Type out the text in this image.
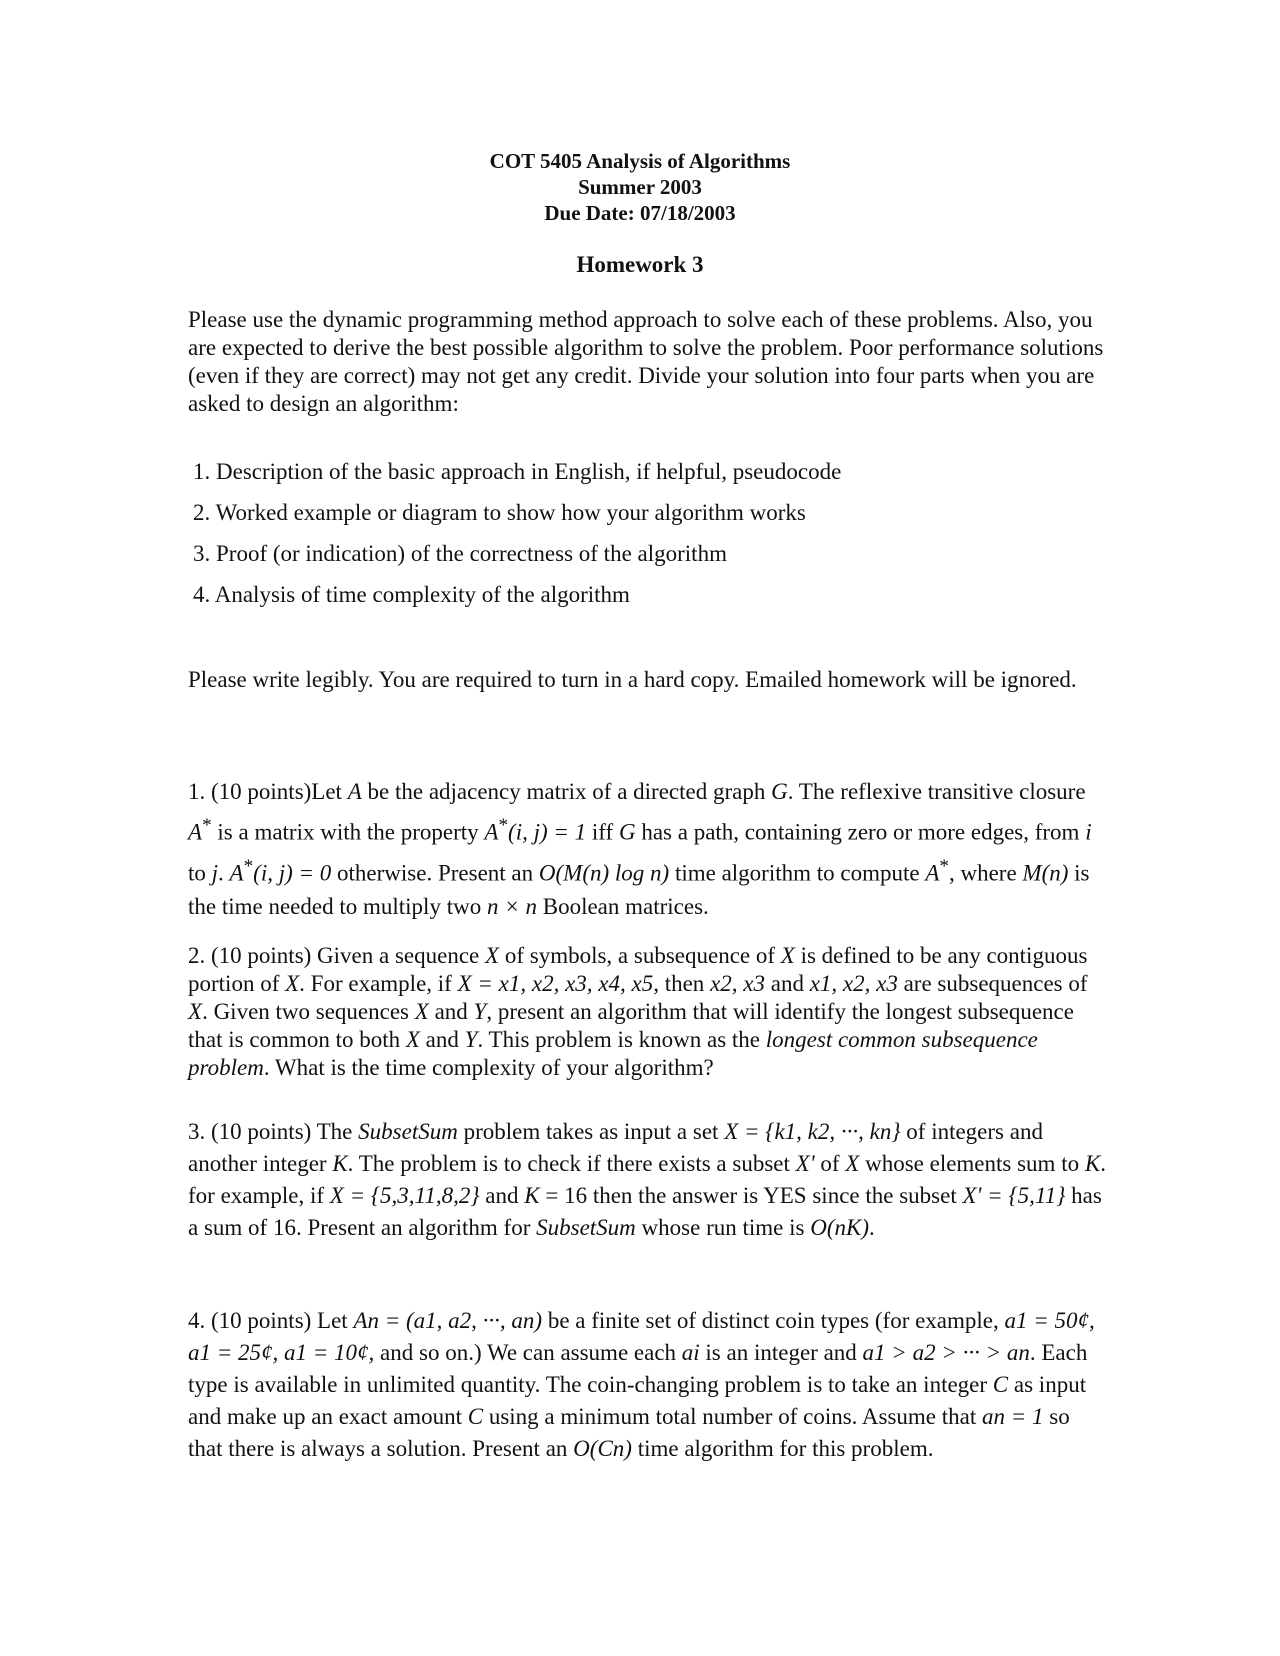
COT 5405 Analysis of Algorithms
Summer 2003
Due Date: 07/18/2003
Homework 3

Please use the dynamic programming method approach to solve each of these problems. Also, you are expected to derive the best possible algorithm to solve the problem. Poor performance solutions (even if they are correct) may not get any credit. Divide your solution into four parts when you are asked to design an algorithm:

1. Description of the basic approach in English, if helpful, pseudocode
2. Worked example or diagram to show how your algorithm works
3. Proof (or indication) of the correctness of the algorithm
4. Analysis of time complexity of the algorithm

Please write legibly. You are required to turn in a hard copy. Emailed homework will be ignored.

1. (10 points)Let A be the adjacency matrix of a directed graph G. The reflexive transitive closure A* is a matrix with the property A*(i, j) = 1 iff G has a path, containing zero or more edges, from i to j. A*(i, j) = 0 otherwise. Present an O(M(n) log n) time algorithm to compute A*, where M(n) is the time needed to multiply two n × n Boolean matrices.

2. (10 points) Given a sequence X of symbols, a subsequence of X is defined to be any contiguous portion of X. For example, if X = x1, x2, x3, x4, x5, then x2, x3 and x1, x2, x3 are subsequences of X. Given two sequences X and Y, present an algorithm that will identify the longest subsequence that is common to both X and Y. This problem is known as the longest common subsequence problem. What is the time complexity of your algorithm?

3. (10 points) The SubsetSum problem takes as input a set X = {k1, k2, ···, kn} of integers and another integer K. The problem is to check if there exists a subset X' of X whose elements sum to K. for example, if X = {5,3,11,8,2} and K = 16 then the answer is YES since the subset X' = {5,11} has a sum of 16. Present an algorithm for SubsetSum whose run time is O(nK).

4. (10 points) Let An = (a1, a2, ···, an) be a finite set of distinct coin types (for example, a1 = 50¢, a1 = 25¢, a1 = 10¢, and so on.) We can assume each ai is an integer and a1 > a2 > ··· > an. Each type is available in unlimited quantity. The coin-changing problem is to take an integer C as input and make up an exact amount C using a minimum total number of coins. Assume that an = 1 so that there is always a solution. Present an O(Cn) time algorithm for this problem.
